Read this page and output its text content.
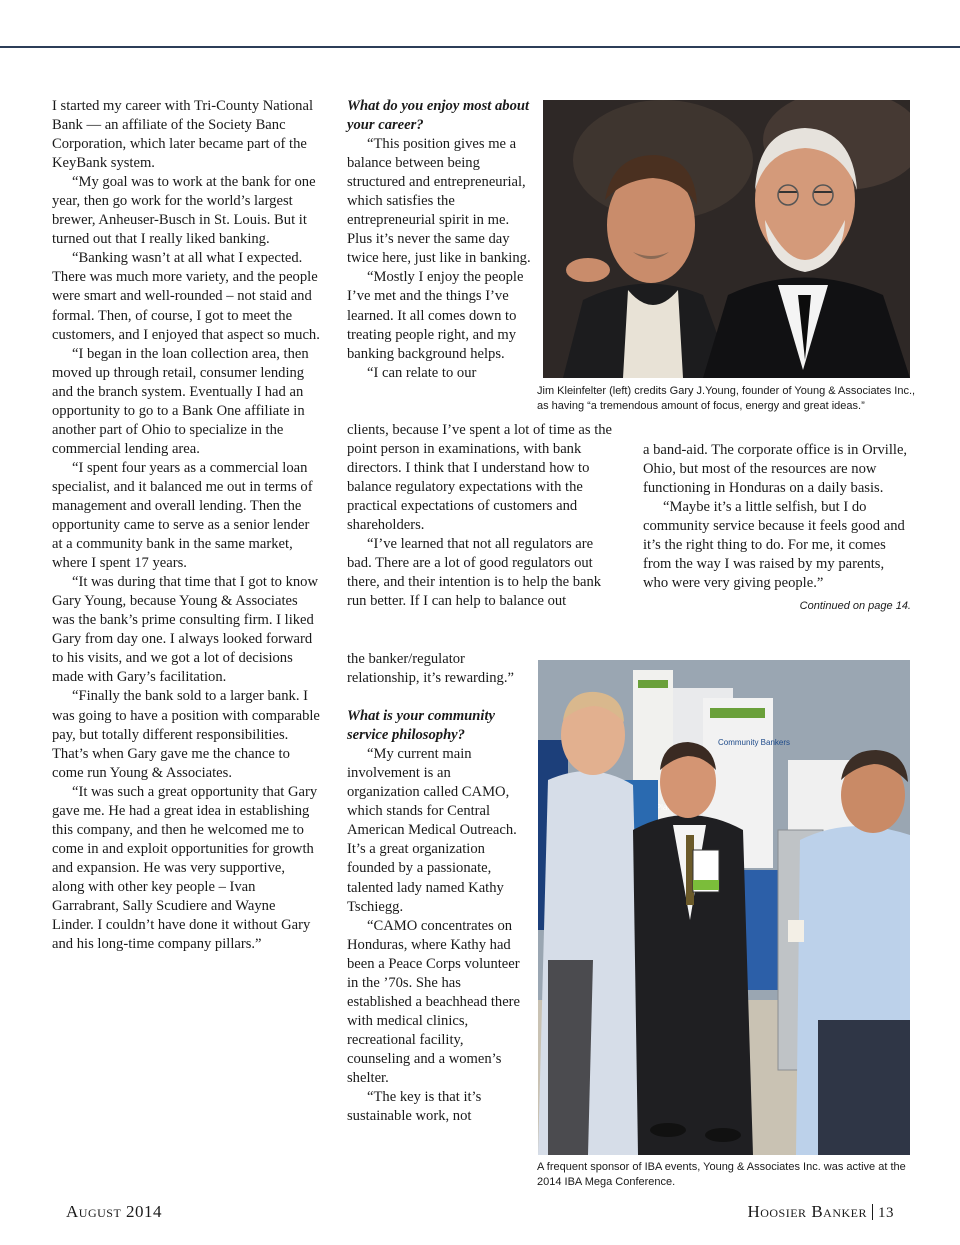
I started my career with Tri-County National Bank — an affiliate of the Society Banc Corporation, which later became part of the KeyBank system.

“My goal was to work at the bank for one year, then go work for the world’s largest brewer, Anheuser-Busch in St. Louis. But it turned out that I really liked banking.

“Banking wasn’t at all what I expected. There was much more variety, and the people were smart and well-rounded – not staid and formal. Then, of course, I got to meet the customers, and I enjoyed that aspect so much.

“I began in the loan collection area, then moved up through retail, consumer lending and the branch system. Eventually I had an opportunity to go to a Bank One affiliate in another part of Ohio to specialize in the commercial lending area.

“I spent four years as a commercial loan specialist, and it balanced me out in terms of management and overall lending. Then the opportunity came to serve as a senior lender at a community bank in the same market, where I spent 17 years.

“It was during that time that I got to know Gary Young, because Young & Associates was the bank’s prime consulting firm. I liked Gary from day one. I always looked forward to his visits, and we got a lot of decisions made with Gary’s facilitation.

“Finally the bank sold to a larger bank. I was going to have a position with comparable pay, but totally different responsibilities. That’s when Gary gave me the chance to come run Young & Associates.

“It was such a great opportunity that Gary gave me. He had a great idea in establishing this company, and then he welcomed me to come in and exploit opportunities for growth and expansion. He was very supportive, along with other key people – Ivan Garrabrant, Sally Scudiere and Wayne Linder. I couldn’t have done it without Gary and his long-time company pillars.”

What do you enjoy most about your career?

“This position gives me a balance between being structured and entrepreneurial, which satisfies the entrepreneurial spirit in me. Plus it’s never the same day twice here, just like in banking.

“Mostly I enjoy the people I’ve met and the things I’ve learned. It all comes down to treating people right, and my banking background helps.

“I can relate to our

clients, because I’ve spent a lot of time as the point person in examinations, with bank directors. I think that I understand how to balance regulatory expectations with the practical expectations of customers and shareholders.

“I’ve learned that not all regulators are bad. There are a lot of good regulators out there, and their intention is to help the bank run better. If I can help to balance out

the banker/regulator relationship, it’s rewarding.”

What is your community service philosophy?

“My current main involvement is an organization called CAMO, which stands for Central American Medical Outreach. It’s a great organization founded by a passionate, talented lady named Kathy Tschiegg.

“CAMO concentrates on Honduras, where Kathy had been a Peace Corps volunteer in the ’70s. She has established a beachhead there with medical clinics, recreational facility, counseling and a women’s shelter.

“The key is that it’s sustainable work, not

a band-aid. The corporate office is in Orville, Ohio, but most of the resources are now functioning in Honduras on a daily basis.

“Maybe it’s a little selfish, but I do community service because it feels good and it’s the right thing to do. For me, it comes from the way I was raised by my parents, who were very giving people.”

Continued on page 14.
Jim Kleinfelter (left) credits Gary J.Young, founder of Young & Associates Inc., as having “a tremendous amount of focus, energy and great ideas.”
Community Bankers
A frequent sponsor of IBA events, Young & Associates Inc. was active at the 2014 IBA Mega Conference.
August 2014	Hoosier Banker 13
